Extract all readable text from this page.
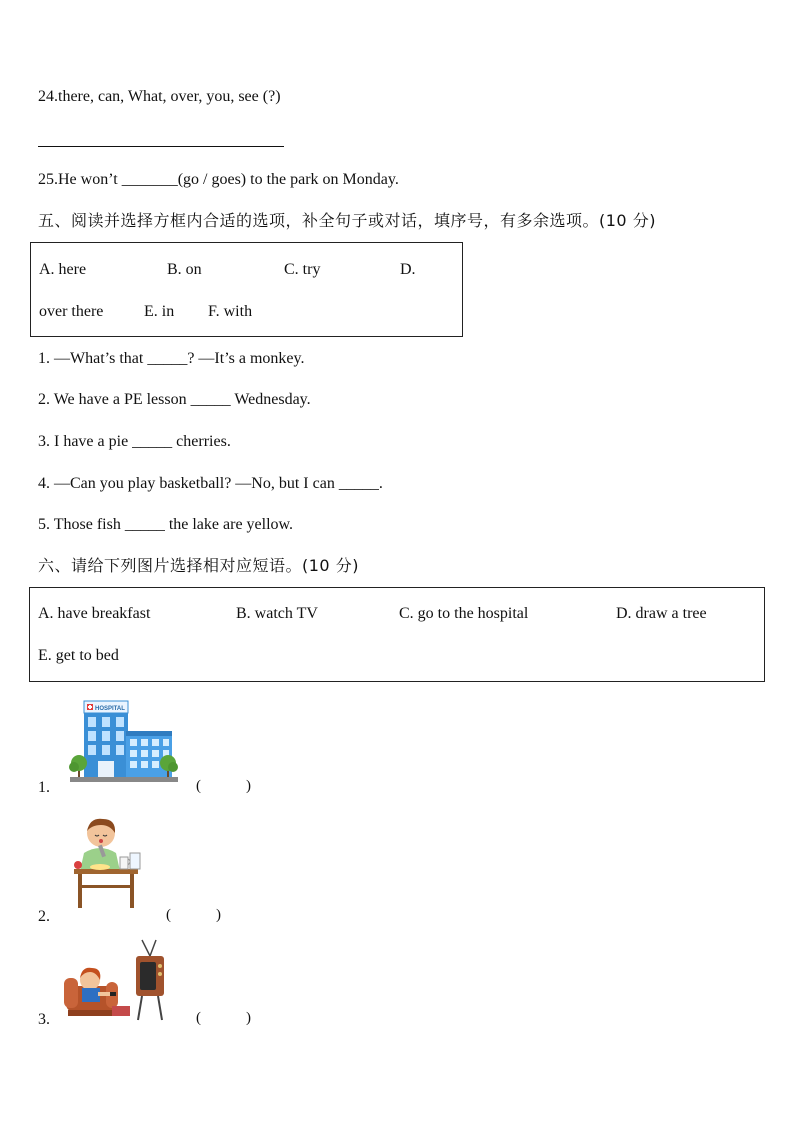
24.there, can, What, over, you, see (?)
25.He won’t _______(go / goes) to the park on Monday.
五、阅读并选择方框内合适的选项，补全句子或对话，填序号，有多余选项。(10 分)
A. here	B. on	C. try	D.
over there	E. in F. with
1. —What’s that _____? —It’s a monkey.
2. We have a PE lesson _____ Wednesday.
3. I have a pie _____ cherries.
4. —Can you play basketball? —No, but I can _____.
5. Those fish _____ the lake are yellow.
六、请给下列图片选择相对应短语。(10 分)
A. have breakfast	B. watch TV	C. go to the hospital	D. draw a tree
E. get to bed
HOSPITAL
1.	(            )
2.	(            )
3.	(            )
